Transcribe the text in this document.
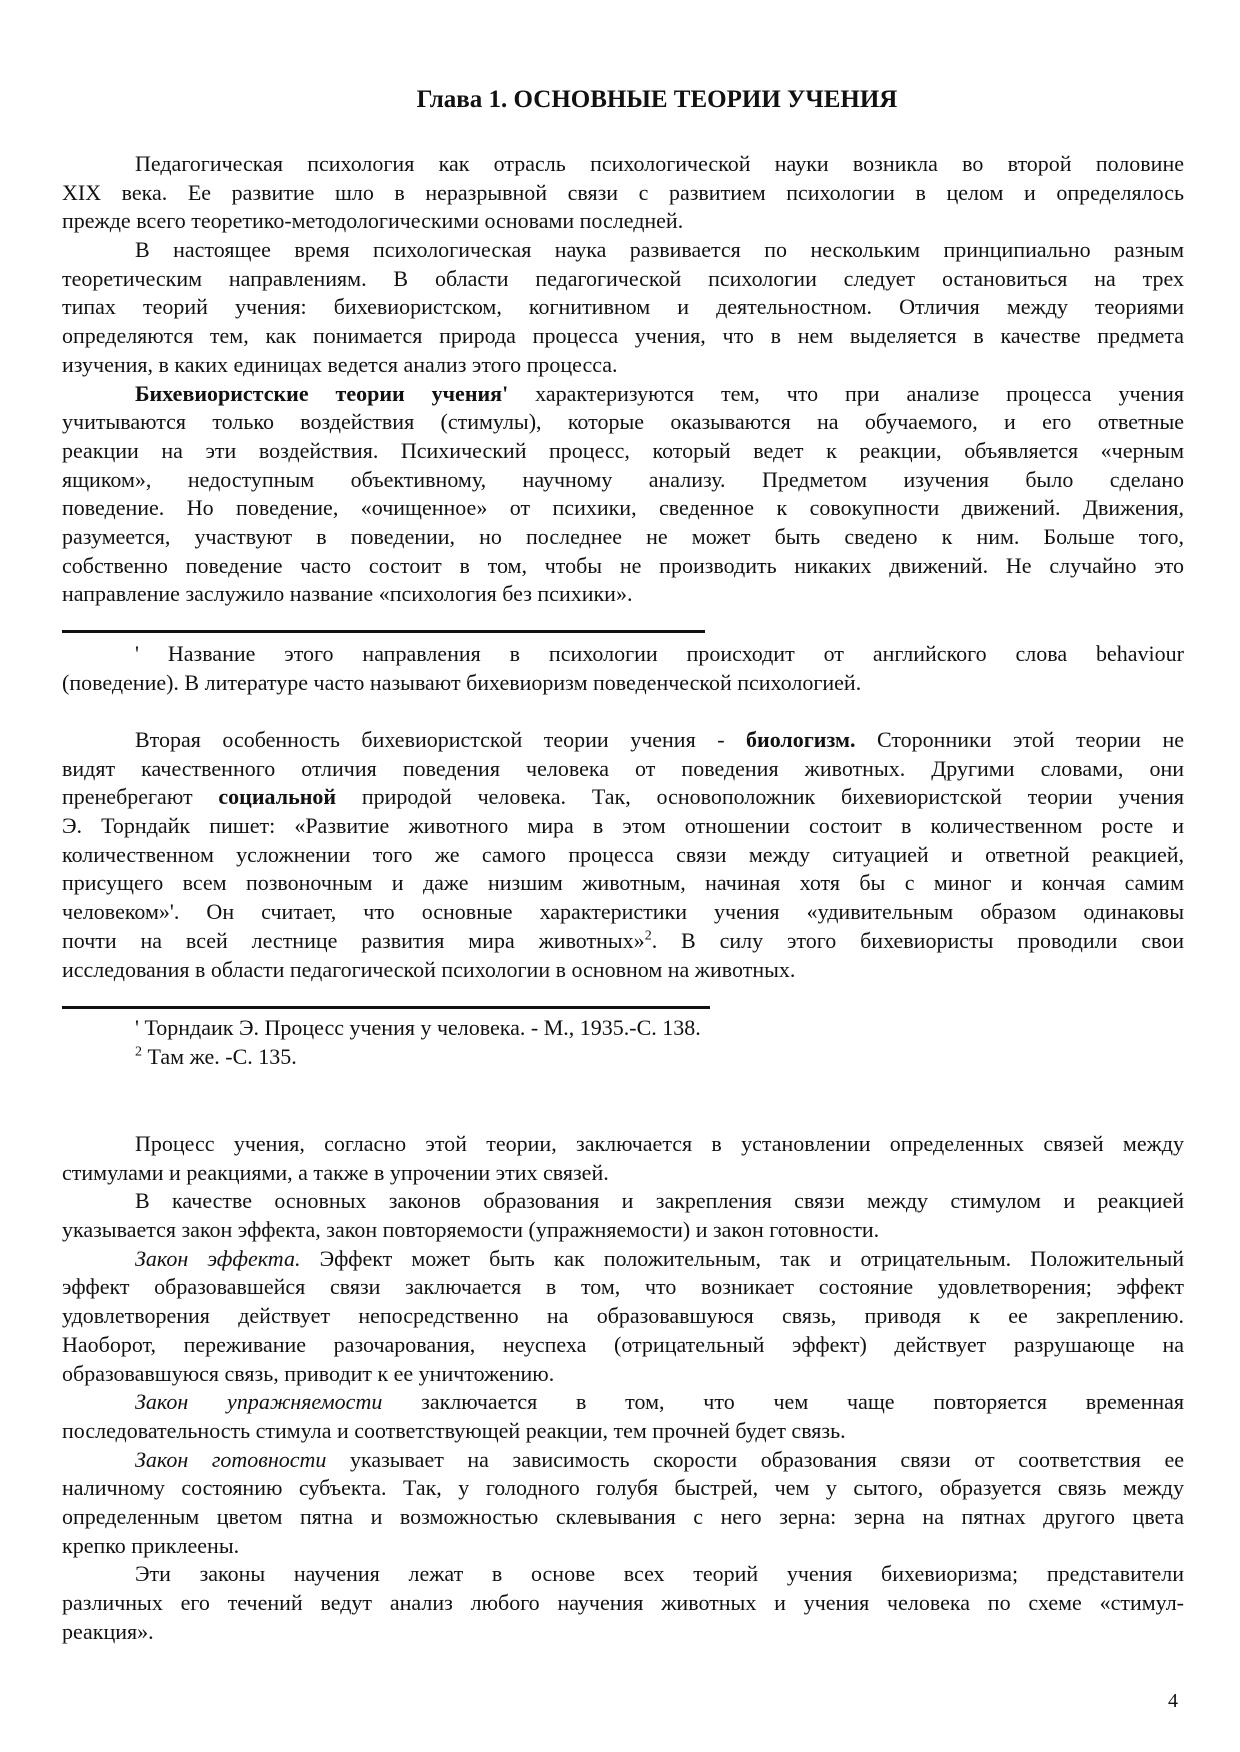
Глава 1. ОСНОВНЫЕ ТЕОРИИ УЧЕНИЯ
Педагогическая психология как отрасль психологической науки возникла во второй половине
XIX века. Ее развитие шло в неразрывной связи с развитием психологии в целом и определялось
прежде всего теоретико-методологическими основами последней.
В настоящее время психологическая наука развивается по нескольким принципиально разным
теоретическим направлениям. В области педагогической психологии следует остановиться на трех
типах теорий учения: бихевиористском, когнитивном и деятельностном. Отличия между теориями
определяются тем, как понимается природа процесса учения, что в нем выделяется в качестве предмета
изучения, в каких единицах ведется анализ этого процесса.
Бихевиористские теории учения' характеризуются тем, что при анализе процесса учения
учитываются только воздействия (стимулы), которые оказываются на обучаемого, и его ответные
реакции на эти воздействия. Психический процесс, который ведет к реакции, объявляется «черным
ящиком», недоступным объективному, научному анализу. Предметом изучения было сделано
поведение. Но поведение, «очищенное» от психики, сведенное к совокупности движений. Движения,
разумеется, участвуют в поведении, но последнее не может быть сведено к ним. Больше того,
собственно поведение часто состоит в том, чтобы не производить никаких движений. Не случайно это
направление заслужило название «психология без психики».
' Название этого направления в психологии происходит от английского слова behaviour
(поведение). В литературе часто называют бихевиоризм поведенческой психологией.
Вторая особенность бихевиористской теории учения - биологизм. Сторонники этой теории не
видят качественного отличия поведения человека от поведения животных. Другими словами, они
пренебрегают социальной природой человека. Так, основоположник бихевиористской теории учения
Э. Торндайк пишет: «Развитие животного мира в этом отношении состоит в количественном росте и
количественном усложнении того же самого процесса связи между ситуацией и ответной реакцией,
присущего всем позвоночным и даже низшим животным, начиная хотя бы с миног и кончая самим
человеком»'. Он считает, что основные характеристики учения «удивительным образом одинаковы
почти на всей лестнице развития мира животных»$^2$. В силу этого бихевиористы проводили свои
исследования в области педагогической психологии в основном на животных.
' Торндаик Э. Процесс учения у человека. - М., 1935.-С. 138.
$^2$ Там же. -С. 135.
Процесс учения, согласно этой теории, заключается в установлении определенных связей между
стимулами и реакциями, а также в упрочении этих связей.
В качестве основных законов образования и закрепления связи между стимулом и реакцией
указывается закон эффекта, закон повторяемости (упражняемости) и закон готовности.
Закон эффекта. Эффект может быть как положительным, так и отрицательным. Положительный
эффект образовавшейся связи заключается в том, что возникает состояние удовлетворения; эффект
удовлетворения действует непосредственно на образовавшуюся связь, приводя к ее закреплению.
Наоборот, переживание разочарования, неуспеха (отрицательный эффект) действует разрушающе на
образовавшуюся связь, приводит к ее уничтожению.
Закон упражняемости заключается в том, что чем чаще повторяется временная
последовательность стимула и соответствующей реакции, тем прочней будет связь.
Закон готовности указывает на зависимость скорости образования связи от соответствия ее
наличному состоянию субъекта. Так, у голодного голубя быстрей, чем у сытого, образуется связь между
определенным цветом пятна и возможностью склевывания с него зерна: зерна на пятнах другого цвета
крепко приклеены.
Эти законы научения лежат в основе всех теорий учения бихевиоризма; представители
различных его течений ведут анализ любого научения животных и учения человека по схеме «стимул-
реакция».
4
